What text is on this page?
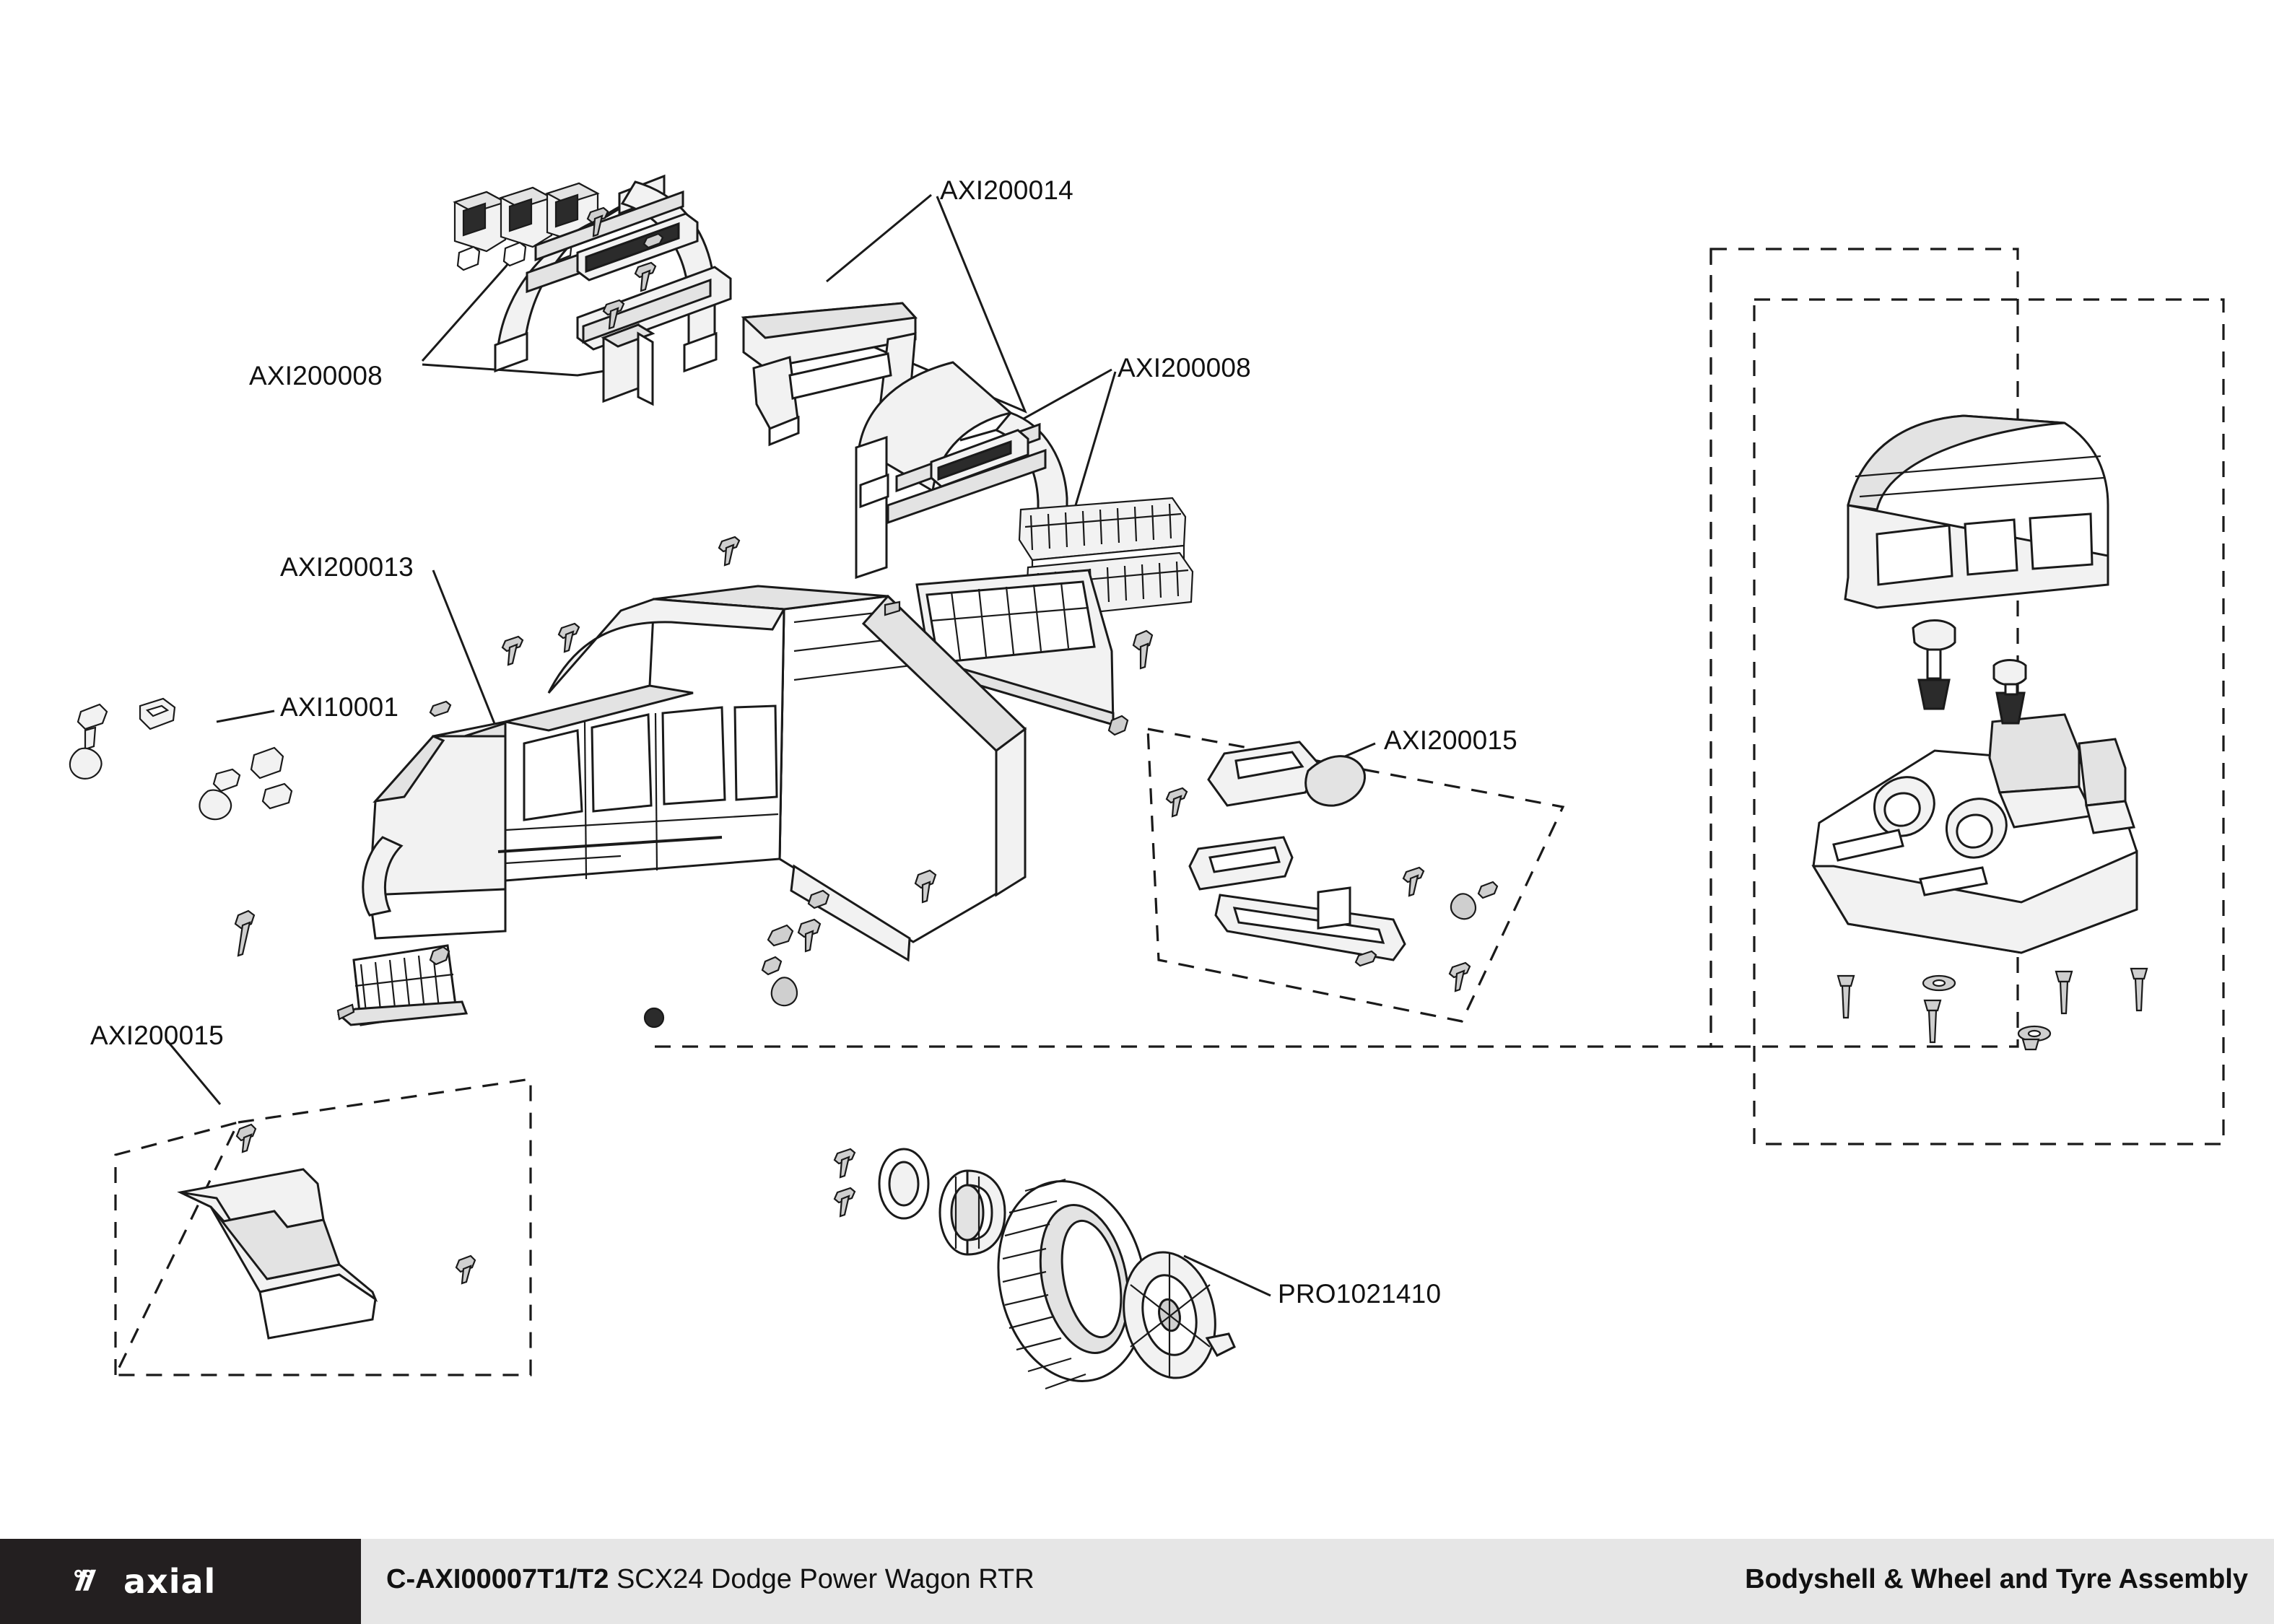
AXI200014
AXI200008	AXI200008
AXI200013
AXI10001
AXI200015
AXI200015
PRO1021410
axial	C-AXI00007T1/T2 SCX24 Dodge Power Wagon RTR	Bodyshell & Wheel and Tyre Assembly
